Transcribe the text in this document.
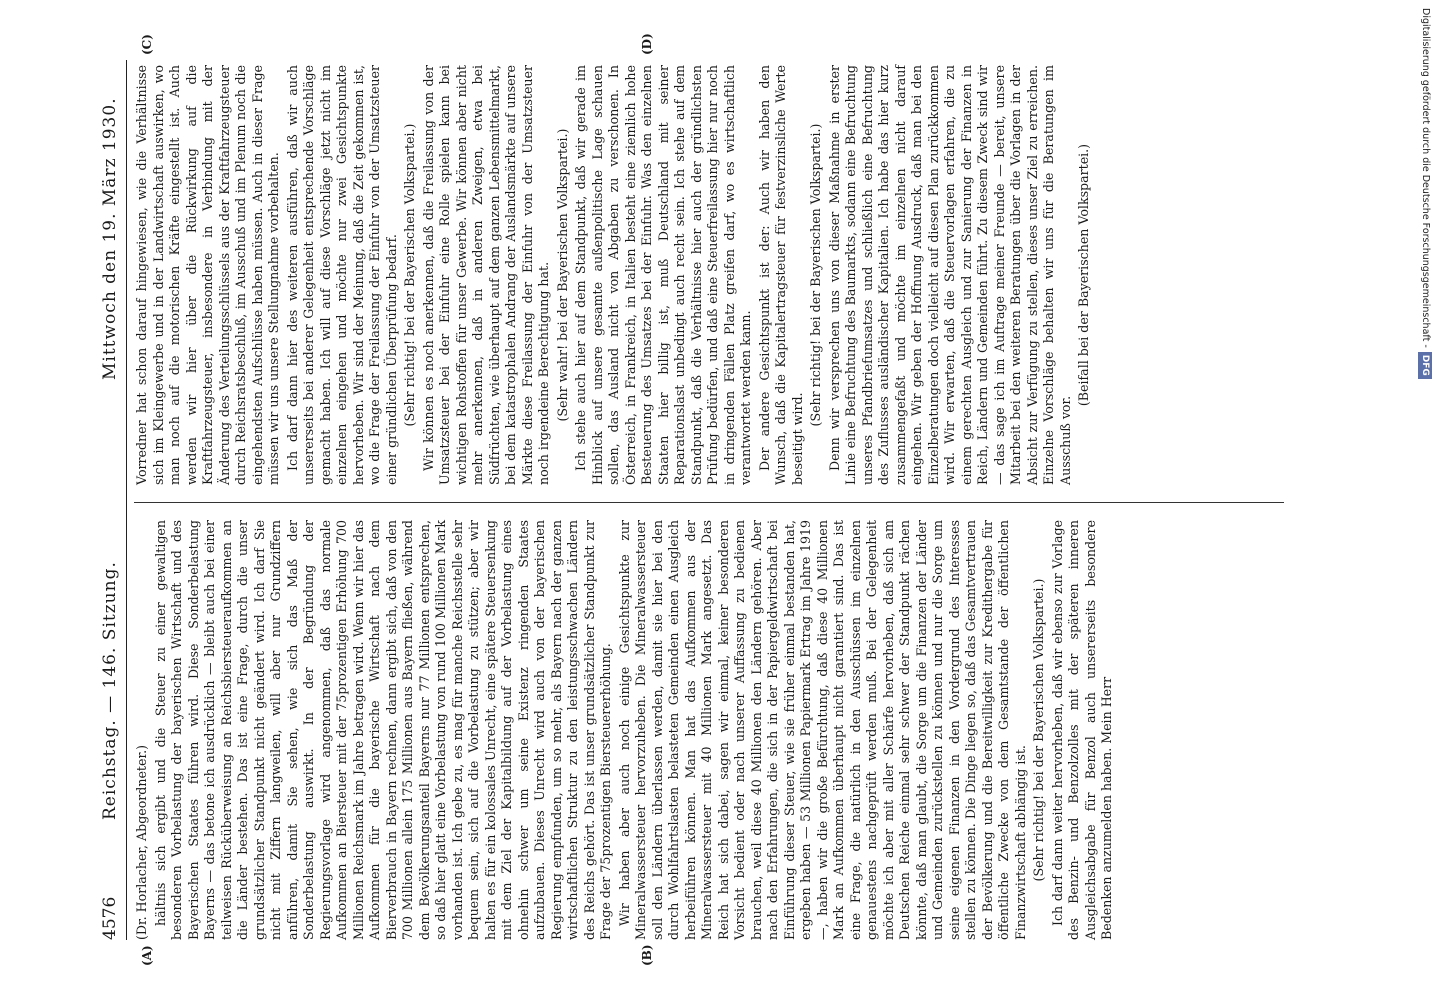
4576
Reichstag. — 146. Sitzung.
Mittwoch den 19. März 1930.
(A)	(B)
(C)	(D)

(Dr. Horlacher, Abgeordneter.) hältnis sich ergibt und die Steuer zu einer gewaltigen besonderen Vorbelastung der bayerischen Wirtschaft und des Bayerischen Staates führen wird. Diese Sonderbelastung Bayerns — das betone ich ausdrücklich — bleibt auch bei einer teilweisen Rücküberweisung an Reichsbiersteueraufkommen an die Länder bestehen. Das ist eine Frage, durch die unser grundsätzlicher Standpunkt nicht geändert wird. Ich darf Sie nicht mit Ziffern langweilen, will aber nur Grundziffern anführen, damit Sie sehen, wie sich das Maß der Sonderbelastung auswirkt. In der Begründung der Regierungsvorlage wird angenommen, daß das normale Aufkommen an Biersteuer mit der 75prozentigen Erhöhung 700 Millionen Reichsmark im Jahre betragen wird. Wenn wir hier das Aufkommen für die bayerische Wirtschaft nach dem Bierverbrauch in Bayern rechnen, dann ergibt sich, daß von den 700 Millionen allein 175 Millionen aus Bayern fließen, während dem Bevölkerungsanteil Bayerns nur 77 Millionen entsprechen, so daß hier glatt eine Vorbelastung von rund 100 Millionen Mark vorhanden ist. Ich gebe zu, es mag für manche Reichsstelle sehr bequem sein, sich auf die Vorbelastung zu stützen; aber wir halten es für ein kolossales Unrecht, eine spätere Steuersenkung mit dem Ziel der Kapitalbildung auf der Vorbelastung eines ohnehin schwer um seine Existenz ringenden Staates aufzubauen. Dieses Unrecht wird auch von der bayerischen Regierung empfunden, um so mehr, als Bayern nach der ganzen wirtschaftlichen Struktur zu den leistungsschwachen Ländern des Reichs gehört. Das ist unser grundsätzlicher Standpunkt zur Frage der 75prozentigen Biersteuererhöhung. Wir haben aber auch noch einige Gesichtspunkte zur Mineralwassersteuer hervorzuheben. Die Mineralwassersteuer soll den Ländern überlassen werden, damit sie hier bei den durch Wohlfahrtslasten belasteten Gemeinden einen Ausgleich herbeiführen können. Man hat das Aufkommen aus der Mineralwassersteuer mit 40 Millionen Mark angesetzt. Das Reich hat sich dabei, sagen wir einmal, keiner besonderen Vorsicht bedient oder nach unserer Auffassung zu bedienen brauchen, weil diese 40 Millionen den Ländern gehören. Aber nach den Erfahrungen, die sich in der Papiergeldwirtschaft bei Einführung dieser Steuer, wie sie früher einmal bestanden hat, ergeben haben — 53 Millionen Papiermark Ertrag im Jahre 1919 —, haben wir die große Befürchtung, daß diese 40 Millionen Mark an Aufkommen überhaupt nicht garantiert sind. Das ist eine Frage, die natürlich in den Ausschüssen im einzelnen genauestens nachgeprüft werden muß. Bei der Gelegenheit möchte ich aber mit aller Schärfe hervorheben, daß sich am Deutschen Reiche einmal sehr schwer der Standpunkt rächen könnte, daß man glaubt, die Sorge um die Finanzen der Länder und Gemeinden zurückstellen zu können und nur die Sorge um seine eigenen Finanzen in den Vordergrund des Interesses stellen zu können. Die Dinge liegen so, daß das Gesamtvertrauen der Bevölkerung und die Bereitwilligkeit zur Kredithergabe für öffentliche Zwecke von dem Gesamtstande der öffentlichen Finanzwirtschaft abhängig ist. (Sehr richtig! bei der Bayerischen Volkspartei.) Ich darf dann weiter hervorheben, daß wir ebenso zur Vorlage des Benzin- und Benzolzolles mit der späteren inneren Ausgleichsabgabe für Benzol auch unsererseits besondere Bedenken anzumelden haben. Mein Herr

Vorredner hat schon darauf hingewiesen, wie die Verhältnisse sich im Kleingewerbe und in der Landwirtschaft auswirken, wo man noch auf die motorischen Kräfte eingestellt ist. Auch werden wir hier über die Rückwirkung auf die Kraftfahrzeugsteuer, insbesondere in Verbindung mit der Änderung des Verteilungsschlüssels aus der Kraftfahrzeugsteuer durch Reichsratsbeschluß, im Ausschuß und im Plenum noch die eingehendsten Aufschlüsse haben müssen. Auch in dieser Frage müssen wir uns unsere Stellungnahme vorbehalten. Ich darf dann hier des weiteren ausführen, daß wir auch unsererseits bei anderer Gelegenheit entsprechende Vorschläge gemacht haben. Ich will auf diese Vorschläge jetzt nicht im einzelnen eingehen und möchte nur zwei Gesichtspunkte hervorheben. Wir sind der Meinung, daß die Zeit gekommen ist, wo die Frage der Freilassung der Einfuhr von der Umsatzsteuer einer gründlichen Überprüfung bedarf. (Sehr richtig! bei der Bayerischen Volkspartei.) Wir können es noch anerkennen, daß die Freilassung von der Umsatzsteuer bei der Einfuhr eine Rolle spielen kann bei wichtigen Rohstoffen für unser Gewerbe. Wir können aber nicht mehr anerkennen, daß in anderen Zweigen, etwa bei Südfrüchten, wie überhaupt auf dem ganzen Lebensmittelmarkt, bei dem katastrophalen Andrang der Auslandsmärkte auf unsere Märkte diese Freilassung der Einfuhr von der Umsatzsteuer noch irgendeine Berechtigung hat. (Sehr wahr! bei der Bayerischen Volkspartei.) Ich stehe auch hier auf dem Standpunkt, daß wir gerade im Hinblick auf unsere gesamte außenpolitische Lage schauen sollen, das Ausland nicht von Abgaben zu verschonen. In Österreich, in Frankreich, in Italien besteht eine ziemlich hohe Besteuerung des Umsatzes bei der Einfuhr. Was den einzelnen Staaten hier billig ist, muß Deutschland mit seiner Reparationslast unbedingt auch recht sein. Ich stehe auf dem Standpunkt, daß die Verhältnisse hier auch der gründlichsten Prüfung bedürfen, und daß eine Steuerfreilassung hier nur noch in dringenden Fällen Platz greifen darf, wo es wirtschaftlich verantwortet werden kann. Der andere Gesichtspunkt ist der: Auch wir haben den Wunsch, daß die Kapitalertragsteuer für festverzinsliche Werte beseitigt wird.

(Sehr richtig! bei der Bayerischen Volkspartei.) Denn wir versprechen uns von dieser Maßnahme in erster Linie eine Befruchtung des Baumarkts, sodann eine Befruchtung unseres Pfandbriefumsatzes und schließlich eine Befruchtung des Zuflusses ausländischer Kapitalien. Ich habe das hier kurz zusammengefaßt und möchte im einzelnen nicht darauf eingehen. Wir geben der Hoffnung Ausdruck, daß man bei den Einzelberatungen doch vielleicht auf diesen Plan zurückkommen wird. Wir erwarten, daß die Steuervorlagen erfahren, die zu einem gerechten Ausgleich und zur Sanierung der Finanzen in Reich, Ländern und Gemeinden führt. Zu diesem Zweck sind wir — das sage ich im Auftrage meiner Freunde — bereit, unsere Mitarbeit bei den weiteren Beratungen über die Vorlagen in der Absicht zur Verfügung zu stellen, dieses unser Ziel zu erreichen. Einzelne Vorschläge behalten wir uns für die Beratungen im Ausschuß vor.

(Beifall bei der Bayerischen Volkspartei.)	Digitalisierung gefördert durch die Deutsche Forschungsgemeinschaft -DFG
